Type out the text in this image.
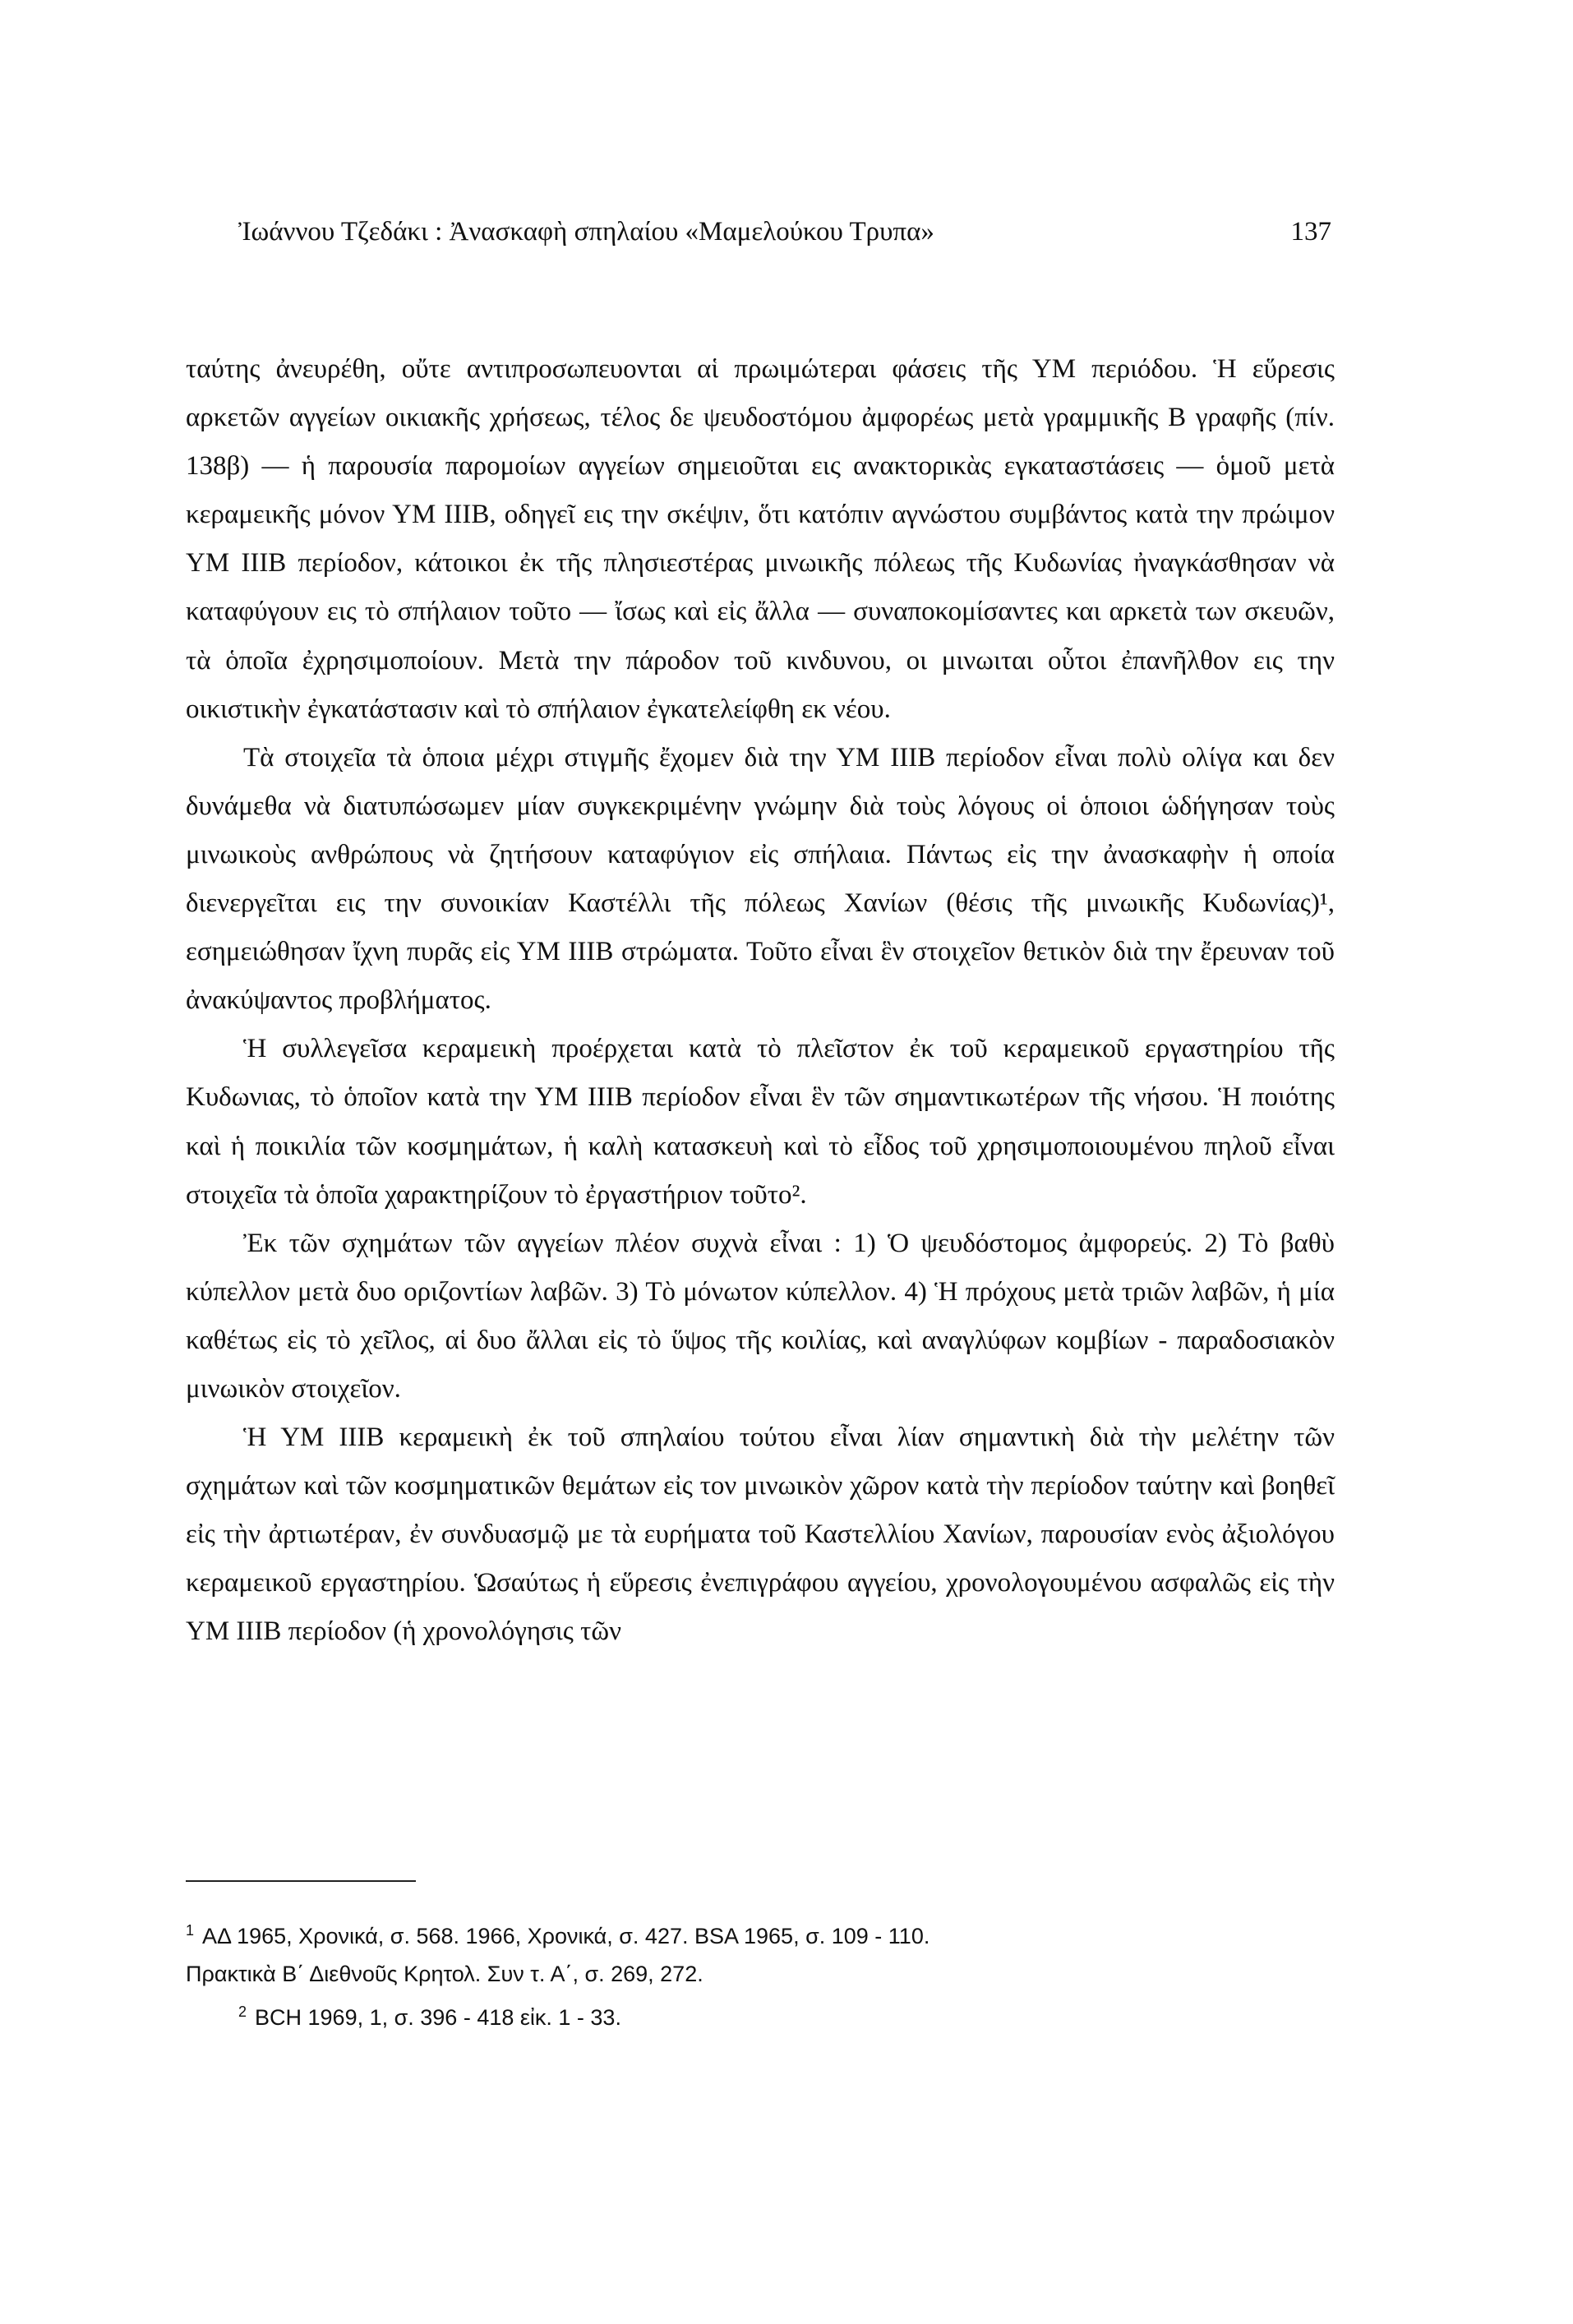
Ἰωάννου Τζεδάκι : Ἀνασκαφὴ σπηλαίου «Μαμελούκου Τρυπα»	137

ταύτης ἀνευρέθη, οὔτε αντιπροσωπευονται αἱ πρωιμώτεραι φάσεις τῆς ΥΜ περιόδου. Ἡ εὕρεσις αρκετῶν αγγείων οικιακῆς χρήσεως, τέλος δε ψευδοστόμου ἀμφορέως μετὰ γραμμικῆς Β γραφῆς (πίν. 138β) — ἡ παρουσία παρομοίων αγγείων σημειοῦται εις ανακτορικὰς εγκαταστάσεις — ὁμοῦ μετὰ κεραμεικῆς μόνον ΥΜ ΙΙΙΒ, οδηγεῖ εις την σκέψιν, ὅτι κατόπιν αγνώστου συμβάντος κατὰ την πρώιμον ΥΜ ΙΙΙΒ περίοδον, κάτοικοι ἐκ τῆς πλησιεστέρας μινωικῆς πόλεως τῆς Κυδωνίας ἠναγκάσθησαν νὰ καταφύγουν εις τὸ σπήλαιον τοῦτο — ἴσως καὶ εἰς ἄλλα — συναποκομίσαντες και αρκετὰ των σκευῶν, τὰ ὁποῖα ἐχρησιμοποίουν. Μετὰ την πάροδον τοῦ κινδυνου, οι μινωιται οὗτοι ἐπανῆλθον εις την οικιστικὴν ἐγκατάστασιν καὶ τὸ σπήλαιον ἐγκατελείφθη εκ νέου.

Τὰ στοιχεῖα τὰ ὁποια μέχρι στιγμῆς ἔχομεν διὰ την ΥΜ ΙΙΙΒ περίοδον εἶναι πολὺ ολίγα και δεν δυνάμεθα νὰ διατυπώσωμεν μίαν συγκεκριμένην γνώμην διὰ τοὺς λόγους οἱ ὁποιοι ὡδήγησαν τοὺς μινωικοὺς ανθρώπους νὰ ζητήσουν καταφύγιον εἰς σπήλαια. Πάντως εἰς την ἀνασκαφὴν ἡ οποία διενεργεῖται εις την συνοικίαν Καστέλλι τῆς πόλεως Χανίων (θέσις τῆς μινωικῆς Κυδωνίας)¹, εσημειώθησαν ἴχνη πυρᾶς εἰς ΥΜ ΙΙΙΒ στρώματα. Τοῦτο εἶναι ἓν στοιχεῖον θετικὸν διὰ την ἔρευναν τοῦ ἀνακύψαντος προβλήματος.

Ἡ συλλεγεῖσα κεραμεικὴ προέρχεται κατὰ τὸ πλεῖστον ἐκ τοῦ κεραμεικοῦ εργαστηρίου τῆς Κυδωνιας, τὸ ὁποῖον κατὰ την ΥΜ ΙΙΙΒ περίοδον εἶναι ἓν τῶν σημαντικωτέρων τῆς νήσου. Ἡ ποιότης καὶ ἡ ποικιλία τῶν κοσμημάτων, ἡ καλὴ κατασκευὴ καὶ τὸ εἶδος τοῦ χρησιμοποιουμένου πηλοῦ εἶναι στοιχεῖα τὰ ὁποῖα χαρακτηρίζουν τὸ ἐργαστήριον τοῦτο².

Ἐκ τῶν σχημάτων τῶν αγγείων πλέον συχνὰ εἶναι : 1) Ὁ ψευδόστομος ἀμφορεύς. 2) Τὸ βαθὺ κύπελλον μετὰ δυο οριζοντίων λαβῶν. 3) Τὸ μόνωτον κύπελλον. 4) Ἡ πρόχους μετὰ τριῶν λαβῶν, ἡ μία καθέτως εἰς τὸ χεῖλος, αἱ δυο ἄλλαι εἰς τὸ ὕψος τῆς κοιλίας, καὶ αναγλύφων κομβίων - παραδοσιακὸν μινωικὸν στοιχεῖον.

Ἡ ΥΜ ΙΙΙΒ κεραμεικὴ ἐκ τοῦ σπηλαίου τούτου εἶναι λίαν σημαντικὴ διὰ τὴν μελέτην τῶν σχημάτων καὶ τῶν κοσμηματικῶν θεμάτων εἰς τον μινωικὸν χῶρον κατὰ τὴν περίοδον ταύτην καὶ βοηθεῖ εἰς τὴν ἀρτιωτέραν, ἐν συνδυασμῷ με τὰ ευρήματα τοῦ Καστελλίου Χανίων, παρουσίαν ενὸς ἀξιολόγου κεραμεικοῦ εργαστηρίου. Ὡσαύτως ἡ εὕρεσις ἐνεπιγράφου αγγείου, χρονολογουμένου ασφαλῶς εἰς τὴν ΥΜ ΙΙΙΒ περίοδον (ἡ χρονολόγησις τῶν

$^1$ ΑΔ 1965, Χρονικά, σ. 568. 1966, Χρονικά, σ. 427. BSA 1965, σ. 109 - 110.

Πρακτικὰ Β΄ Διεθνοῦς Κρητολ. Συν τ. Α΄, σ. 269, 272.

$^2$ BCH 1969, 1, σ. 396 - 418 εἰκ. 1 - 33.
